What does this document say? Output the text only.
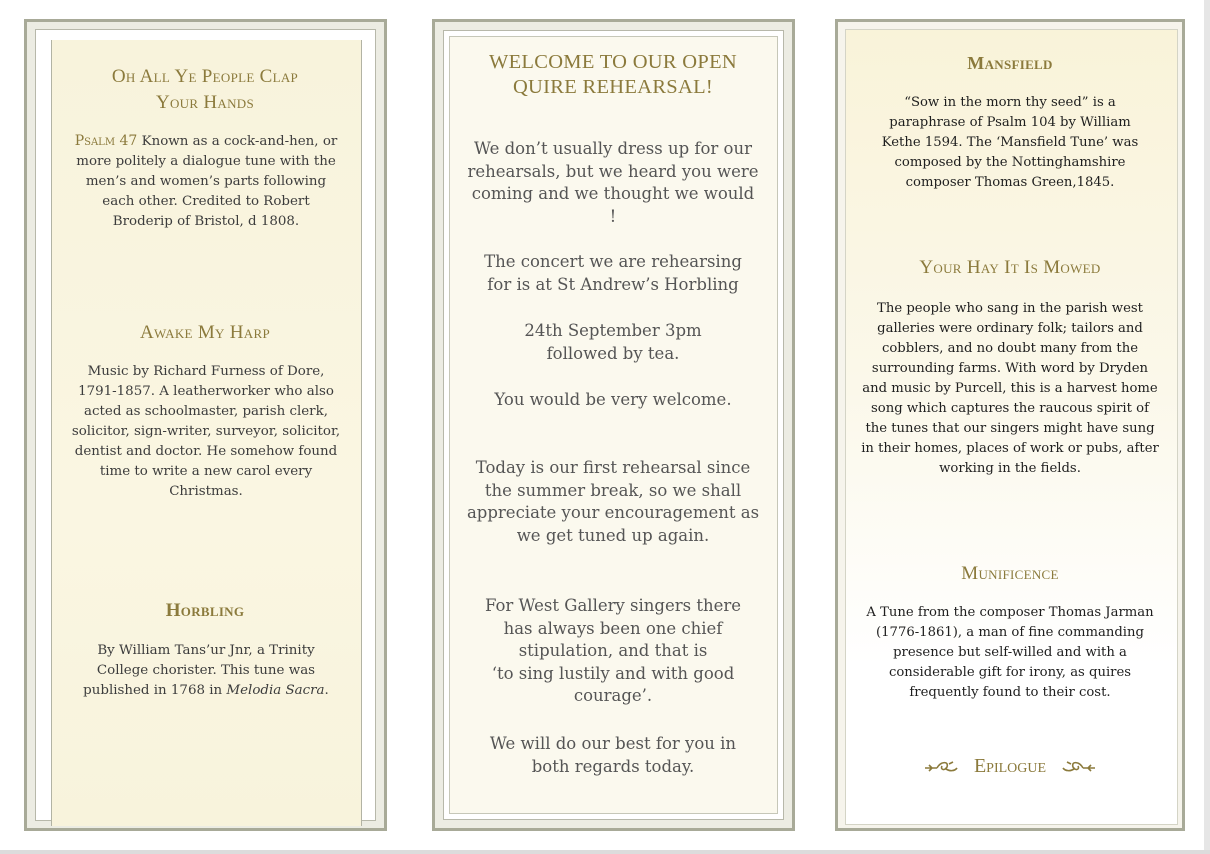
Oh All Ye People Clap
Your Hands
Psalm 47 Known as a cock-and-hen, or more politely a dialogue tune with the men’s and women’s parts following each other. Credited to Robert Broderip of Bristol, d 1808.
Awake My Harp
Music by Richard Furness of Dore, 1791-1857. A leatherworker who also acted as schoolmaster, parish clerk, solicitor, sign-writer, surveyor, solicitor, dentist and doctor. He somehow found time to write a new carol every Christmas.
Horbling
By William Tans’ur Jnr, a Trinity College chorister. This tune was published in 1768 in Melodia Sacra.
WELCOME TO OUR OPEN
QUIRE REHEARSAL!
We don’t usually dress up for our rehearsals, but we heard you were coming and we thought we would !
The concert we are rehearsing for is at St Andrew’s Horbling
24th September 3pm
followed by tea.
You would be very welcome.
Today is our first rehearsal since the summer break, so we shall appreciate your encouragement as we get tuned up again.
For West Gallery singers there
has always been one chief
stipulation, and that is
‘to sing lustily and with good
courage’.
We will do our best for you in both regards today.
Mansfield
“Sow in the morn thy seed” is a paraphrase of Psalm 104 by William Kethe 1594. The ‘Mansfield Tune’ was composed by the Nottinghamshire composer Thomas Green,1845.
Your Hay It Is Mowed
The people who sang in the parish west galleries were ordinary folk; tailors and cobblers, and no doubt many from the surrounding farms. With word by Dryden and music by Purcell, this is a harvest home song which captures the raucous spirit of the tunes that our singers might have sung in their homes, places of work or pubs, after working in the fields.
Munificence
A Tune from the composer Thomas Jarman (1776-1861), a man of fine commanding presence but self-willed and with a considerable gift for irony, as quires frequently found to their cost.
Epilogue
